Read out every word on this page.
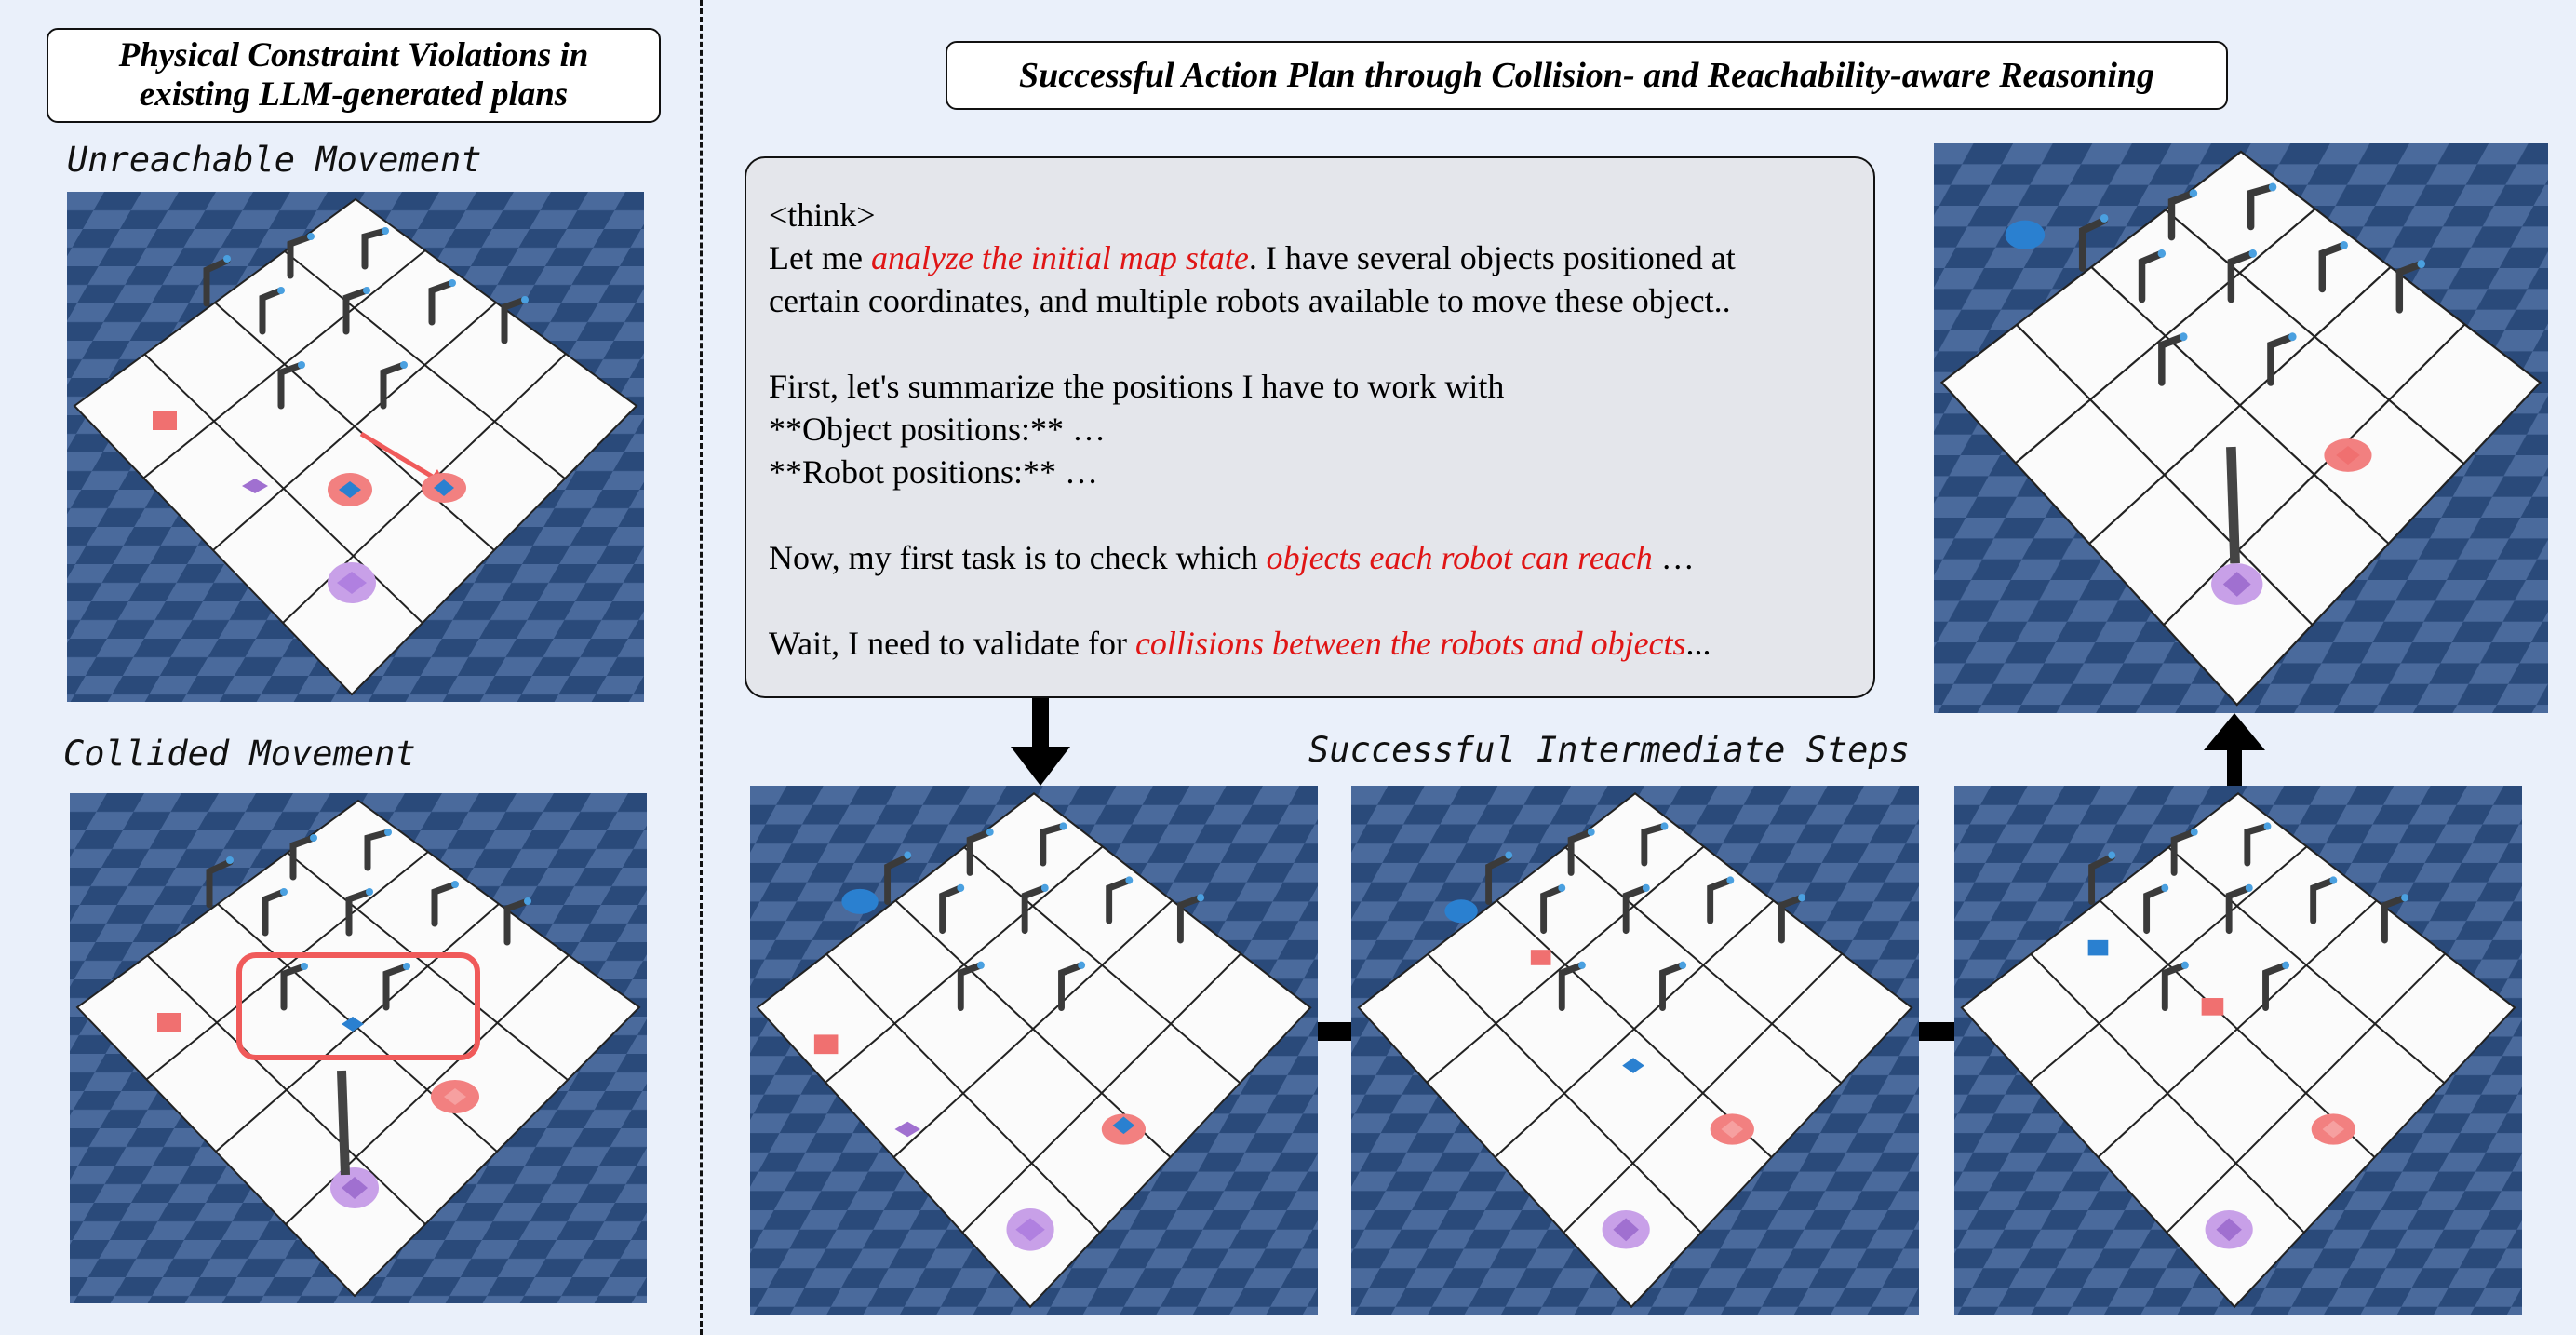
Physical Constraint Violations in
existing LLM-generated plans	Successful Action Plan through Collision- and Reachability-aware Reasoning
Unreachable Movement
Collided Movement	Successful Intermediate Steps

<think>

Let me analyze the initial map state. I have several objects positioned at

certain coordinates, and multiple robots available to move these object..

First, let's summarize the positions I have to work with

**Object positions:** …

**Robot positions:** …

Now, my first task is to check which objects each robot can reach …

Wait, I need to validate for collisions between the robots and objects...
